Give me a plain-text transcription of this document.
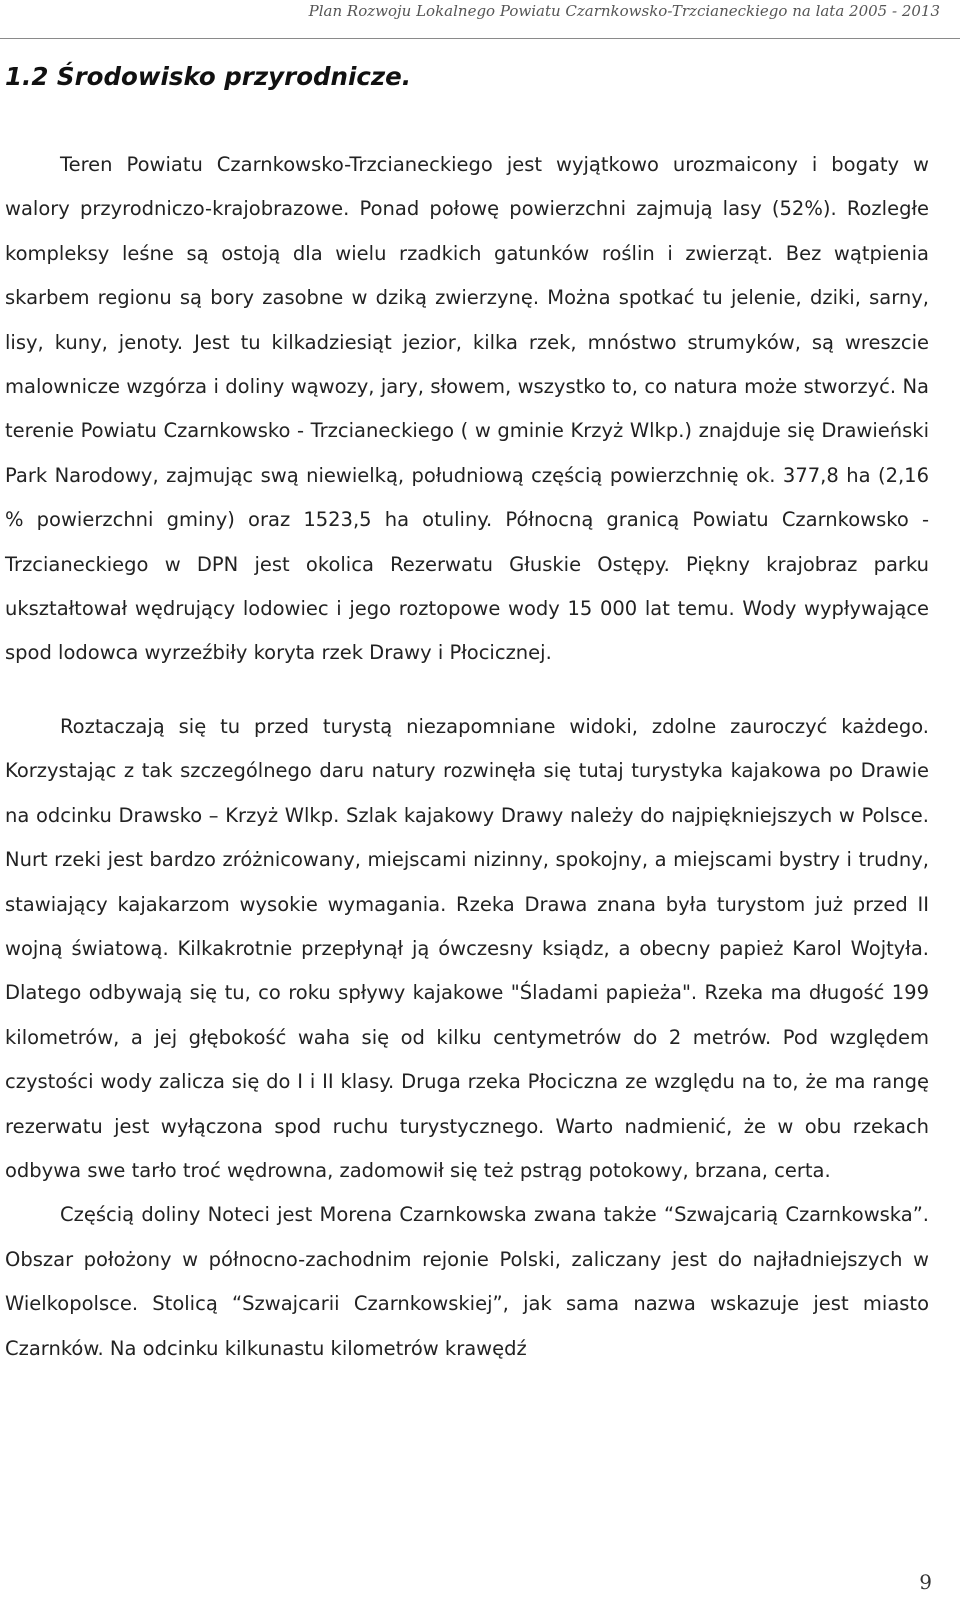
Plan Rozwoju Lokalnego Powiatu Czarnkowsko-Trzcianeckiego na lata 2005 - 2013
1.2 Środowisko przyrodnicze.

Teren Powiatu Czarnkowsko-Trzcianeckiego jest wyjątkowo urozmaicony i bogaty w walory przyrodniczo-krajobrazowe. Ponad połowę powierzchni zajmują lasy (52%). Rozległe kompleksy leśne są ostoją dla wielu rzadkich gatunków roślin i zwierząt. Bez wątpienia skarbem regionu są bory zasobne w dziką zwierzynę. Można spotkać tu jelenie, dziki, sarny, lisy, kuny, jenoty. Jest tu kilkadziesiąt jezior, kilka rzek, mnóstwo strumyków, są wreszcie malownicze wzgórza i doliny wąwozy, jary, słowem, wszystko to, co natura może stworzyć. Na terenie Powiatu Czarnkowsko - Trzcianeckiego ( w gminie Krzyż Wlkp.) znajduje się Drawieński Park Narodowy, zajmując swą niewielką, południową częścią powierzchnię ok. 377,8 ha (2,16 % powierzchni gminy) oraz 1523,5 ha otuliny. Północną granicą Powiatu Czarnkowsko - Trzcianeckiego w DPN jest okolica Rezerwatu Głuskie Ostępy. Piękny krajobraz parku ukształtował wędrujący lodowiec i jego roztopowe wody 15 000 lat temu. Wody wypływające spod lodowca wyrzeźbiły koryta rzek Drawy i Płocicznej.

Roztaczają się tu przed turystą niezapomniane widoki, zdolne zauroczyć każdego. Korzystając z tak szczególnego daru natury rozwinęła się tutaj turystyka kajakowa po Drawie na odcinku Drawsko – Krzyż Wlkp. Szlak kajakowy Drawy należy do najpiękniejszych w Polsce. Nurt rzeki jest bardzo zróżnicowany, miejscami nizinny, spokojny, a miejscami bystry i trudny, stawiający kajakarzom wysokie wymagania. Rzeka Drawa znana była turystom już przed II wojną światową. Kilkakrotnie przepłynął ją ówczesny ksiądz, a obecny papież Karol Wojtyła. Dlatego odbywają się tu, co roku spływy kajakowe "Śladami papieża". Rzeka ma długość 199 kilometrów, a jej głębokość waha się od kilku centymetrów do 2 metrów. Pod względem czystości wody zalicza się do I i II klasy. Druga rzeka Płociczna ze względu na to, że ma rangę rezerwatu jest wyłączona spod ruchu turystycznego. Warto nadmienić, że w obu rzekach odbywa swe tarło troć wędrowna, zadomowił się też pstrąg potokowy, brzana, certa.

Częścią doliny Noteci jest Morena Czarnkowska zwana także “Szwajcarią Czarnkowska”. Obszar położony w północno-zachodnim rejonie Polski, zaliczany jest do najładniejszych w Wielkopolsce. Stolicą “Szwajcarii Czarnkowskiej”, jak sama nazwa wskazuje jest miasto Czarnków. Na odcinku kilkunastu kilometrów krawędź

9
